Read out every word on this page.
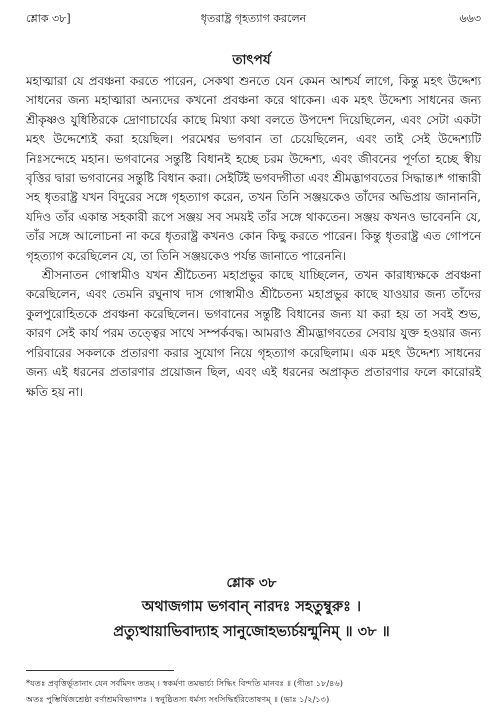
শ্লোক ৩৮]	ধৃতরাষ্ট্র গৃহত্যাগ করলেন	৬৬৩
তাৎপর্য

মহাত্মারা যে প্রবঞ্চনা করতে পারেন, সেকথা শুনতে যেন কেমন আশ্চর্য লাগে, কিন্তু মহৎ উদ্দেশ্য সাধনের জন্য মহাত্মারা অন্যদের কখনো প্রবঞ্চনা করে থাকেন। এক মহৎ উদ্দেশ্য সাধনের জন্য শ্রীকৃষ্ণও যুধিষ্ঠিরকে দ্রোণাচার্যের কাছে মিথ্যা কথা বলতে উপদেশ দিয়েছিলেন, এবং সেটা একটা মহৎ উদ্দেশ্যেই করা হয়েছিল। পরমেশ্বর ভগবান তা চেয়েছিলেন, এবং তাই সেই উদ্দেশ্যটি নিঃসন্দেহে মহান। ভগবানের সন্তুষ্টি বিধানই হচ্ছে চরম উদ্দেশ্য, এবং জীবনের পূর্ণতা হচ্ছে স্বীয় বৃত্তির দ্বারা ভগবানের সন্তুষ্টি বিধান করা। সেইটিই ভগবদ্গীতা এবং শ্রীমদ্ভাগবতের সিদ্ধান্ত।* গান্ধারী সহ ধৃতরাষ্ট্র যখন বিদুরের সঙ্গে গৃহত্যাগ করেন, তখন তিনি সঞ্জয়কেও তাঁদের অভিপ্রায় জানাননি, যদিও তাঁর একান্ত সহকারী রূপে সঞ্জয় সব সময়ই তাঁর সঙ্গে থাকতেন। সঞ্জয় কখনও ভাবেননি যে, তাঁর সঙ্গে আলোচনা না করে ধৃতরাষ্ট্র কখনও কোন কিছু করতে পারেন। কিন্তু ধৃতরাষ্ট্র এত গোপনে গৃহত্যাগ করেছিলেন যে, তা তিনি সঞ্জয়কেও পর্যন্ত জানাতে পারেননি।

শ্রীসনাতন গোস্বামীও যখন শ্রীচৈতন্য মহাপ্রভুর কাছে যাচ্ছিলেন, তখন কারাধ্যক্ষকে প্রবঞ্চনা করেছিলেন, এবং তেমনি রঘুনাথ দাস গোস্বামীও শ্রীচৈতন্য মহাপ্রভুর কাছে যাওয়ার জন্য তাঁদের কুলপুরোহিতকে প্রবঞ্চনা করেছিলেন। ভগবানের সন্তুষ্টি বিধানের জন্য যা করা হয় তা সবই শুভ, কারণ সেই কার্য পরম তত্ত্বের সাথে সম্পর্কবদ্ধ। আমরাও শ্রীমদ্ভাগবতের সেবায় যুক্ত হওয়ার জন্য পরিবারের সকলকে প্রতারণা করার সুযোগ নিয়ে গৃহত্যাগ করেছিলাম। এক মহৎ উদ্দেশ্য সাধনের জন্য এই ধরনের প্রতারণার প্রয়োজন ছিল, এবং এই ধরনের অপ্রাকৃত প্রতারণার ফলে কারোরই ক্ষতি হয় না।

শ্লোক ৩৮
অথাজগাম ভগবান্ নারদঃ সহতুম্বুরুঃ ।
প্রত্যুত্থায়াভিবাদ্যাহ সানুজোহভ্যর্চয়ন্মুনিম্ ॥ ৩৮ ॥
*যতঃ প্রবৃত্তির্ভূতানাং যেন সর্বমিদং ততম্ । স্বকর্মণা তমভ্যর্চ্য সিদ্ধিং বিন্দতি মানবঃ ॥ (গীতা ১৮/৪৬)
অতঃ পুম্ভির্দ্বিজশ্রেষ্ঠা বর্ণাশ্রমবিভাগশঃ । স্বনুষ্ঠিতস্য ধর্মস্য সংসিদ্ধির্হরিতোষণম্ ॥ (ভাঃ ১/২/১৩)
